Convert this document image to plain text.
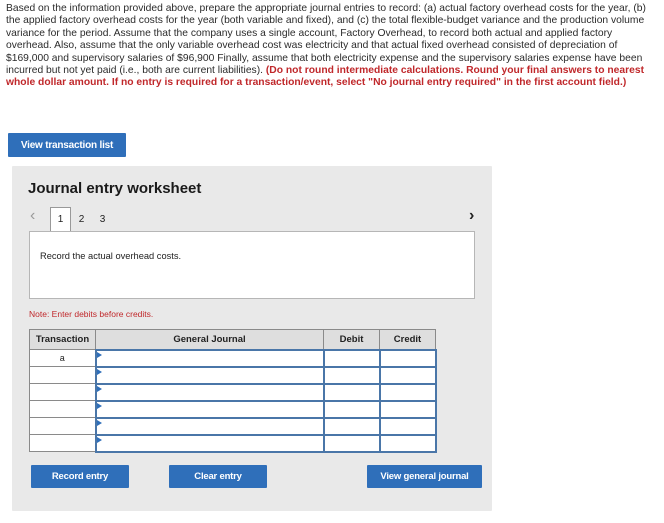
Based on the information provided above, prepare the appropriate journal entries to record: (a) actual factory overhead costs for the year, (b) the applied factory overhead costs for the year (both variable and fixed), and (c) the total flexible-budget variance and the production volume variance for the period. Assume that the company uses a single account, Factory Overhead, to record both actual and applied factory overhead. Also, assume that the only variable overhead cost was electricity and that actual fixed overhead consisted of depreciation of $169,000 and supervisory salaries of $96,900 Finally, assume that both electricity expense and the supervisory salaries expense have been incurred but not yet paid (i.e., both are current liabilities). (Do not round intermediate calculations. Round your final answers to nearest whole dollar amount. If no entry is required for a transaction/event, select "No journal entry required" in the first account field.)
View transaction list
Journal entry worksheet
‹	1	2	3	›
Record the actual overhead costs.
Note: Enter debits before credits.
Transaction	General Journal	Debit	Credit
a			

Record entry	Clear entry	View general journal
